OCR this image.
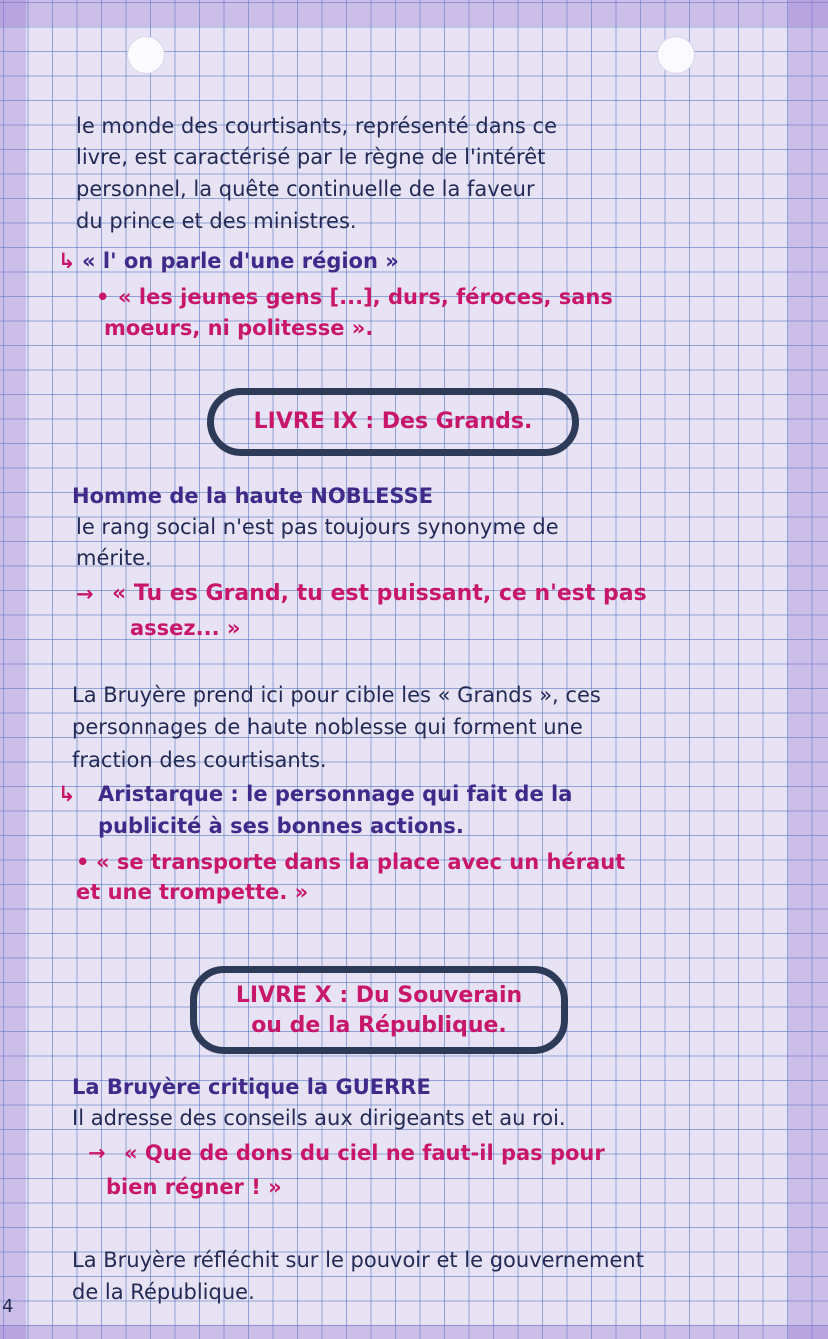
le monde des courtisants, représenté dans ce

livre, est caractérisé par le règne de l'intérêt

personnel, la quête continuelle de la faveur

du prince et des ministres.

↳ « l' on parle d'une région »

• « les jeunes gens [...], durs, féroces, sans

moeurs, ni politesse ».

LIVRE IX : Des Grands.

Homme de la haute NOBLESSE

le rang social n'est pas toujours synonyme de

mérite.

→ « Tu es Grand, tu est puissant, ce n'est pas

assez... »

La Bruyère prend ici pour cible les « Grands », ces

personnages de haute noblesse qui forment une

fraction des courtisants.

↳ Aristarque : le personnage qui fait de la

publicité à ses bonnes actions.

• « se transporte dans la place avec un héraut

et une trompette. »

LIVRE X : Du Souverain
ou de la République.

La Bruyère critique la GUERRE

Il adresse des conseils aux dirigeants et au roi.

→ « Que de dons du ciel ne faut-il pas pour

bien régner ! »

La Bruyère réfléchit sur le pouvoir et le gouvernement

de la République.

4
